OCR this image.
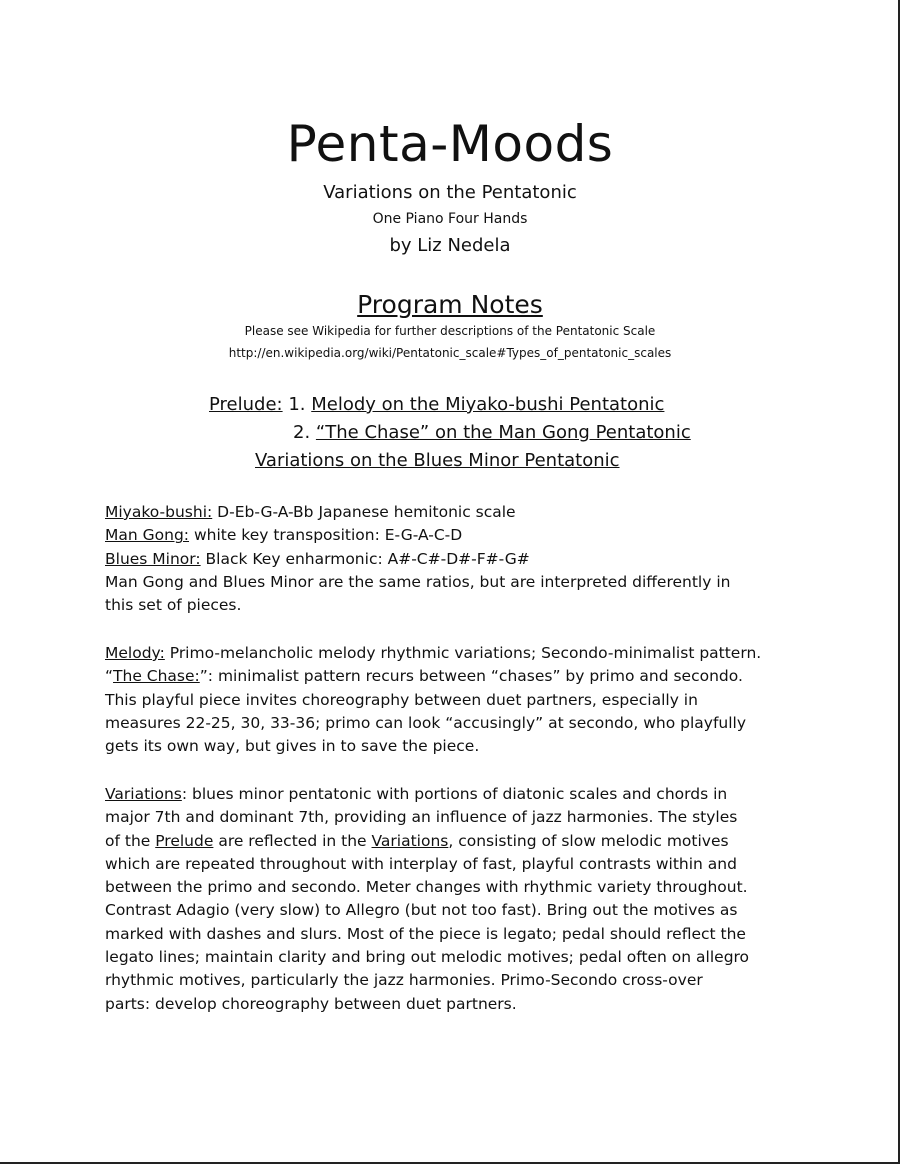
Penta-Moods
Variations on the Pentatonic
One Piano Four Hands
by Liz Nedela
Program Notes
Please see Wikipedia for further descriptions of the Pentatonic Scale
http://en.wikipedia.org/wiki/Pentatonic_scale#Types_of_pentatonic_scales
Prelude: 1. Melody on the Miyako-bushi Pentatonic
2. “The Chase” on the Man Gong Pentatonic
Variations on the Blues Minor Pentatonic
Miyako-bushi: D-Eb-G-A-Bb Japanese hemitonic scale
Man Gong: white key transposition: E-G-A-C-D
Blues Minor: Black Key enharmonic: A#-C#-D#-F#-G#
Man Gong and Blues Minor are the same ratios, but are interpreted differently in
this set of pieces.
Melody: Primo-melancholic melody rhythmic variations; Secondo-minimalist pattern.
“The Chase:”: minimalist pattern recurs between “chases” by primo and secondo.
This playful piece invites choreography between duet partners, especially in
measures 22-25, 30, 33-36; primo can look “accusingly” at secondo, who playfully
gets its own way, but gives in to save the piece.
Variations: blues minor pentatonic with portions of diatonic scales and chords in
major 7th and dominant 7th, providing an influence of jazz harmonies. The styles
of the Prelude are reflected in the Variations, consisting of slow melodic motives
which are repeated throughout with interplay of fast, playful contrasts within and
between the primo and secondo. Meter changes with rhythmic variety throughout.
Contrast Adagio (very slow) to Allegro (but not too fast). Bring out the motives as
marked with dashes and slurs. Most of the piece is legato; pedal should reflect the
legato lines; maintain clarity and bring out melodic motives; pedal often on allegro
rhythmic motives, particularly the jazz harmonies. Primo-Secondo cross-over
parts: develop choreography between duet partners.
